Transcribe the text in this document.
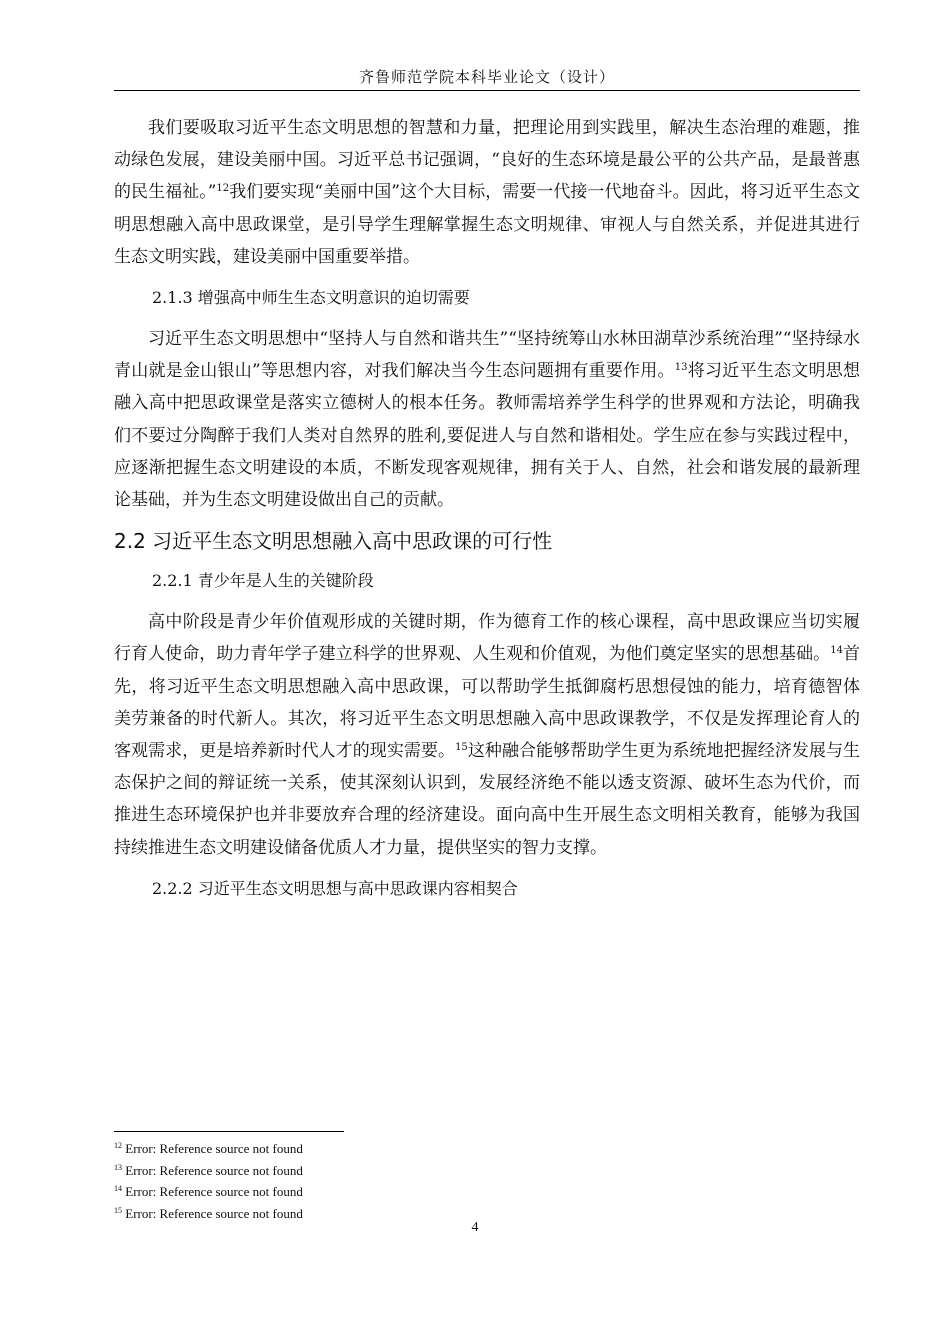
齐鲁师范学院本科毕业论文（设计）

我们要吸取习近平生态文明思想的智慧和力量，把理论用到实践里，解决生态治理的难题，推动绿色发展，建设美丽中国。习近平总书记强调，“良好的生态环境是最公平的公共产品，是最普惠的民生福祉。”$^{12}$我们要实现“美丽中国”这个大目标，需要一代接一代地奋斗。因此，将习近平生态文明思想融入高中思政课堂，是引导学生理解掌握生态文明规律、审视人与自然关系，并促进其进行生态文明实践，建设美丽中国重要举措。

2.1.3 增强高中师生生态文明意识的迫切需要

习近平生态文明思想中“坚持人与自然和谐共生”“坚持统筹山水林田湖草沙系统治理”“坚持绿水青山就是金山银山”等思想内容，对我们解决当今生态问题拥有重要作用。$^{13}$将习近平生态文明思想融入高中把思政课堂是落实立德树人的根本任务。教师需培养学生科学的世界观和方法论，明确我们不要过分陶醉于我们人类对自然界的胜利,要促进人与自然和谐相处。学生应在参与实践过程中，应逐渐把握生态文明建设的本质，不断发现客观规律，拥有关于人、自然，社会和谐发展的最新理论基础，并为生态文明建设做出自己的贡献。

2.2 习近平生态文明思想融入高中思政课的可行性
2.2.1 青少年是人生的关键阶段

高中阶段是青少年价值观形成的关键时期，作为德育工作的核心课程，高中思政课应当切实履行育人使命，助力青年学子建立科学的世界观、人生观和价值观，为他们奠定坚实的思想基础。$^{14}$首先，将习近平生态文明思想融入高中思政课，可以帮助学生抵御腐朽思想侵蚀的能力，培育德智体美劳兼备的时代新人。其次，将习近平生态文明思想融入高中思政课教学，不仅是发挥理论育人的客观需求，更是培养新时代人才的现实需要。$^{15}$这种融合能够帮助学生更为系统地把握经济发展与生态保护之间的辩证统一关系，使其深刻认识到，发展经济绝不能以透支资源、破坏生态为代价，而推进生态环境保护也并非要放弃合理的经济建设。面向高中生开展生态文明相关教育，能够为我国持续推进生态文明建设储备优质人才力量，提供坚实的智力支撑。

2.2.2 习近平生态文明思想与高中思政课内容相契合
$^{12}$ Error: Reference source not found
$^{13}$ Error: Reference source not found
$^{14}$ Error: Reference source not found
$^{15}$ Error: Reference source not found
4
